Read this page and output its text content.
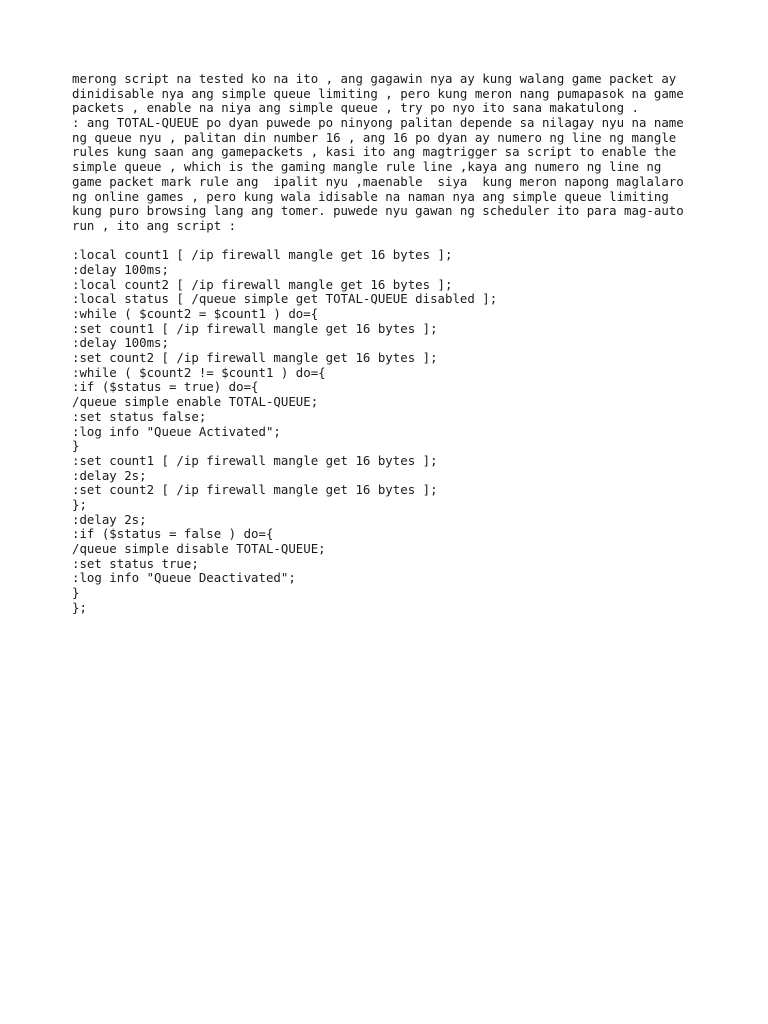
merong script na tested ko na ito , ang gagawin nya ay kung walang game packet ay
dinidisable nya ang simple queue limiting , pero kung meron nang pumapasok na game
packets , enable na niya ang simple queue , try po nyo ito sana makatulong .
: ang TOTAL-QUEUE po dyan puwede po ninyong palitan depende sa nilagay nyu na name
ng queue nyu , palitan din number 16 , ang 16 po dyan ay numero ng line ng mangle
rules kung saan ang gamepackets , kasi ito ang magtrigger sa script to enable the
simple queue , which is the gaming mangle rule line ,kaya ang numero ng line ng
game packet mark rule ang  ipalit nyu ,maenable  siya  kung meron napong maglalaro
ng online games , pero kung wala idisable na naman nya ang simple queue limiting
kung puro browsing lang ang tomer. puwede nyu gawan ng scheduler ito para mag-auto
run , ito ang script :
:local count1 [ /ip firewall mangle get 16 bytes ];
:delay 100ms;
:local count2 [ /ip firewall mangle get 16 bytes ];
:local status [ /queue simple get TOTAL-QUEUE disabled ];
:while ( $count2 = $count1 ) do={
:set count1 [ /ip firewall mangle get 16 bytes ];
:delay 100ms;
:set count2 [ /ip firewall mangle get 16 bytes ];
:while ( $count2 != $count1 ) do={
:if ($status = true) do={
/queue simple enable TOTAL-QUEUE;
:set status false;
:log info "Queue Activated";
}
:set count1 [ /ip firewall mangle get 16 bytes ];
:delay 2s;
:set count2 [ /ip firewall mangle get 16 bytes ];
};
:delay 2s;
:if ($status = false ) do={
/queue simple disable TOTAL-QUEUE;
:set status true;
:log info "Queue Deactivated";
}
};
